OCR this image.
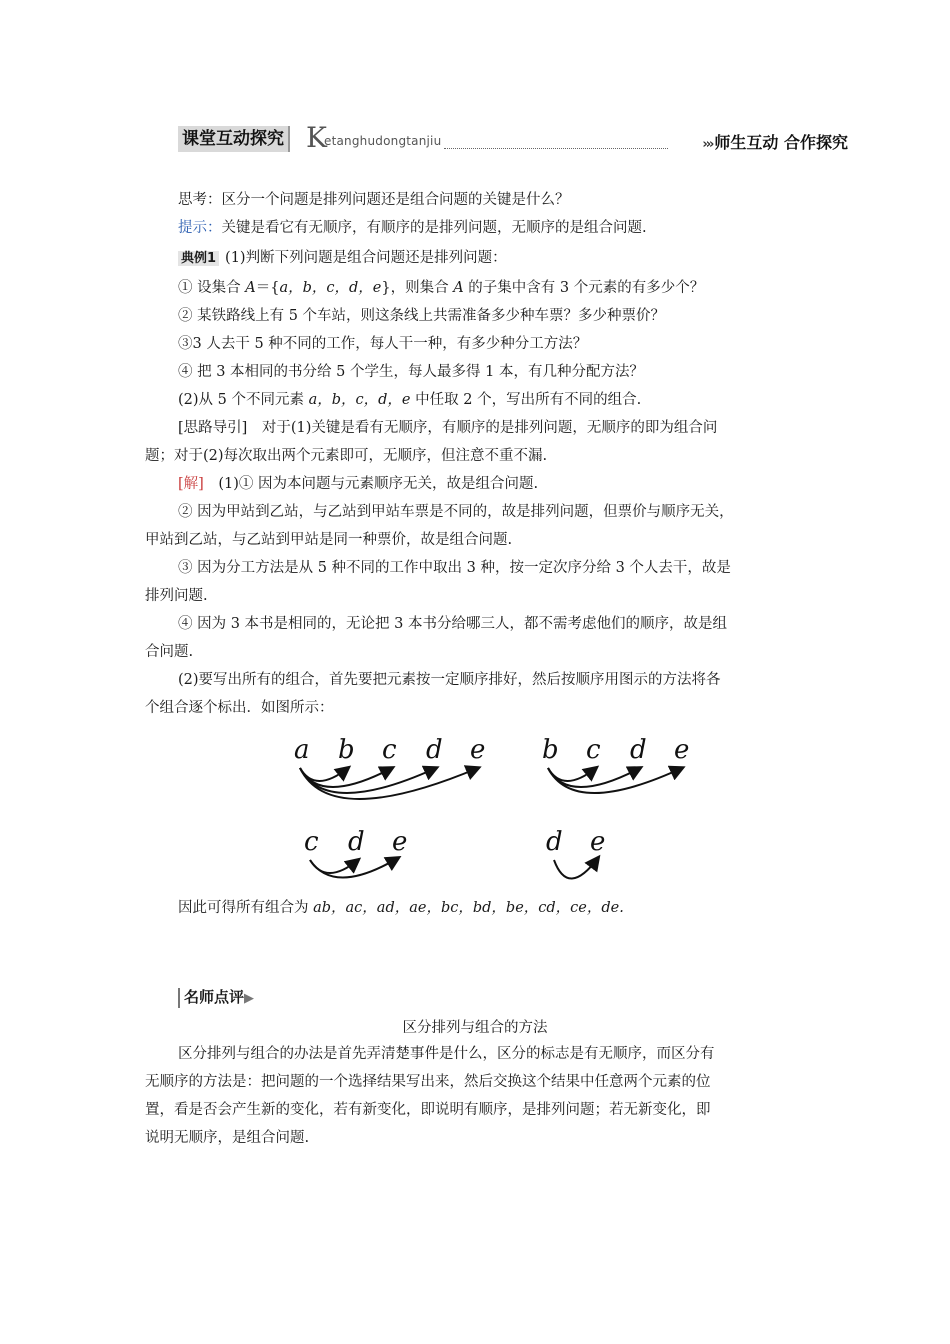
课堂互动探究 K
etanghudongtanjiu	››› 师生互动 合作探究
思考：区分一个问题是排列问题还是组合问题的关键是什么？
提示：关键是看它有无顺序，有顺序的是排列问题，无顺序的是组合问题.
典例1 (1)判断下列问题是组合问题还是排列问题：
① 设集合 A＝{a，b，c，d，e}，则集合 A 的子集中含有 3 个元素的有多少个？
② 某铁路线上有 5 个车站，则这条线上共需准备多少种车票？多少种票价？
③3 人去干 5 种不同的工作，每人干一种，有多少种分工方法？
④ 把 3 本相同的书分给 5 个学生，每人最多得 1 本，有几种分配方法？
(2)从 5 个不同元素 a，b，c，d，e 中任取 2 个，写出所有不同的组合.
[思路导引]　对于(1)关键是看有无顺序，有顺序的是排列问题，无顺序的即为组合问
题；对于(2)每次取出两个元素即可，无顺序，但注意不重不漏.
[解]　(1)① 因为本问题与元素顺序无关，故是组合问题.
② 因为甲站到乙站，与乙站到甲站车票是不同的，故是排列问题，但票价与顺序无关，
甲站到乙站，与乙站到甲站是同一种票价，故是组合问题.
③ 因为分工方法是从 5 种不同的工作中取出 3 种，按一定次序分给 3 个人去干，故是
排列问题.
④ 因为 3 本书是相同的，无论把 3 本书分给哪三人，都不需考虑他们的顺序，故是组
合问题.
(2)要写出所有的组合，首先要把元素按一定顺序排好，然后按顺序用图示的方法将各
个组合逐个标出．如图所示：
a b c d e b c d e
c d e	d e
因此可得所有组合为 ab，ac，ad，ae，bc，bd，be，cd，ce，de.
名师点评▶
区分排列与组合的方法
区分排列与组合的办法是首先弄清楚事件是什么，区分的标志是有无顺序，而区分有
无顺序的方法是：把问题的一个选择结果写出来，然后交换这个结果中任意两个元素的位
置，看是否会产生新的变化，若有新变化，即说明有顺序，是排列问题；若无新变化，即
说明无顺序，是组合问题.
